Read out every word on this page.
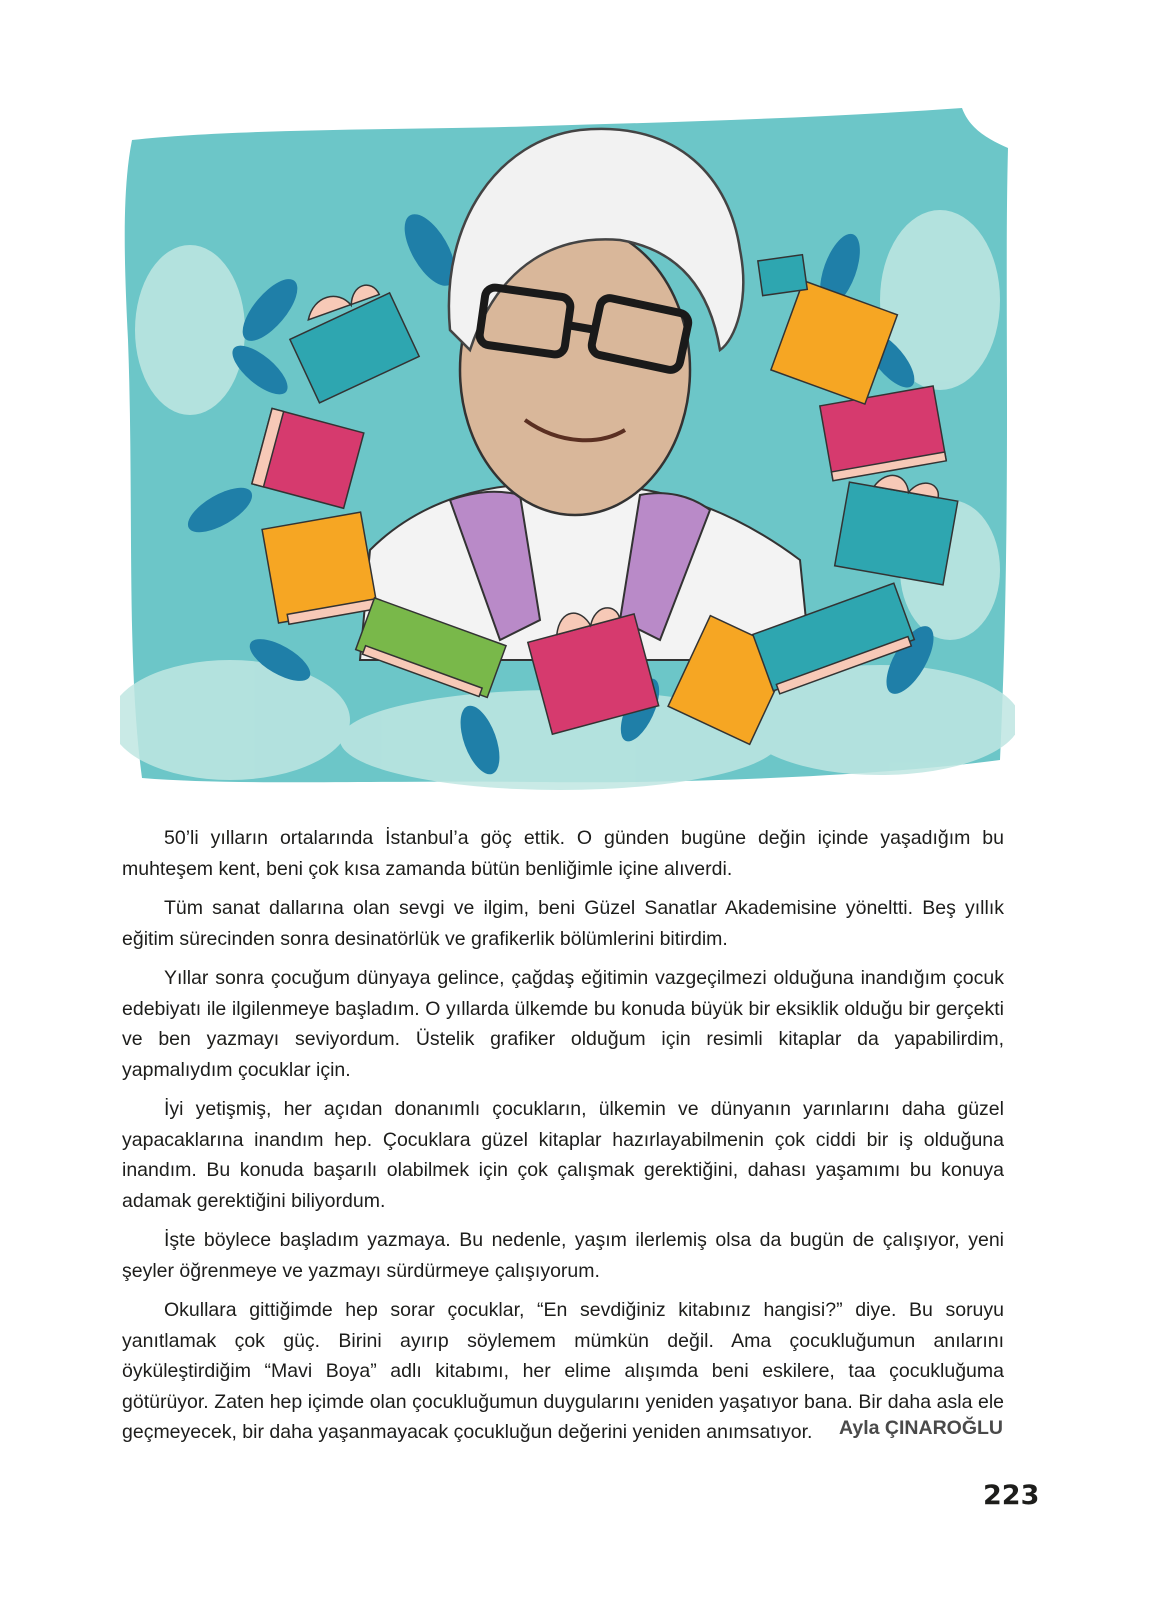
50’li yılların ortalarında İstanbul’a göç ettik. O günden bugüne değin içinde yaşadığım bu muhteşem kent, beni çok kısa zamanda bütün benliğimle içine alıverdi.

Tüm sanat dallarına olan sevgi ve ilgim, beni Güzel Sanatlar Akademisine yöneltti. Beş yıllık eğitim sürecinden sonra desinatörlük ve grafikerlik bölümlerini bitirdim.

Yıllar sonra çocuğum dünyaya gelince, çağdaş eğitimin vazgeçilmezi olduğuna inandığım çocuk edebiyatı ile ilgilenmeye başladım. O yıllarda ülkemde bu konuda büyük bir eksiklik olduğu bir gerçekti ve ben yazmayı seviyordum. Üstelik grafiker olduğum için resimli kitaplar da yapabilirdim, yapmalıydım çocuklar için.

İyi yetişmiş, her açıdan donanımlı çocukların, ülkemin ve dünyanın yarınlarını daha güzel yapacaklarına inandım hep. Çocuklara güzel kitaplar hazırlayabilmenin çok ciddi bir iş olduğuna inandım. Bu konuda başarılı olabilmek için çok çalışmak gerektiğini, dahası yaşamımı bu konuya adamak gerektiğini biliyordum.

İşte böylece başladım yazmaya. Bu nedenle, yaşım ilerlemiş olsa da bugün de çalışıyor, yeni şeyler öğrenmeye ve yazmayı sürdürmeye çalışıyorum.

Okullara gittiğimde hep sorar çocuklar, “En sevdiğiniz kitabınız hangisi?” diye. Bu soruyu yanıtlamak çok güç. Birini ayırıp söylemem mümkün değil. Ama çocukluğumun anılarını öyküleştirdiğim “Mavi Boya” adlı kitabımı, her elime alışımda beni eskilere, taa çocukluğuma götürüyor. Zaten hep içimde olan çocukluğumun duygularını yeniden yaşatıyor bana. Bir daha asla ele geçmeyecek, bir daha yaşanmayacak çocukluğun değerini yeniden anımsatıyor.	Ayla ÇINAROĞLU
223
